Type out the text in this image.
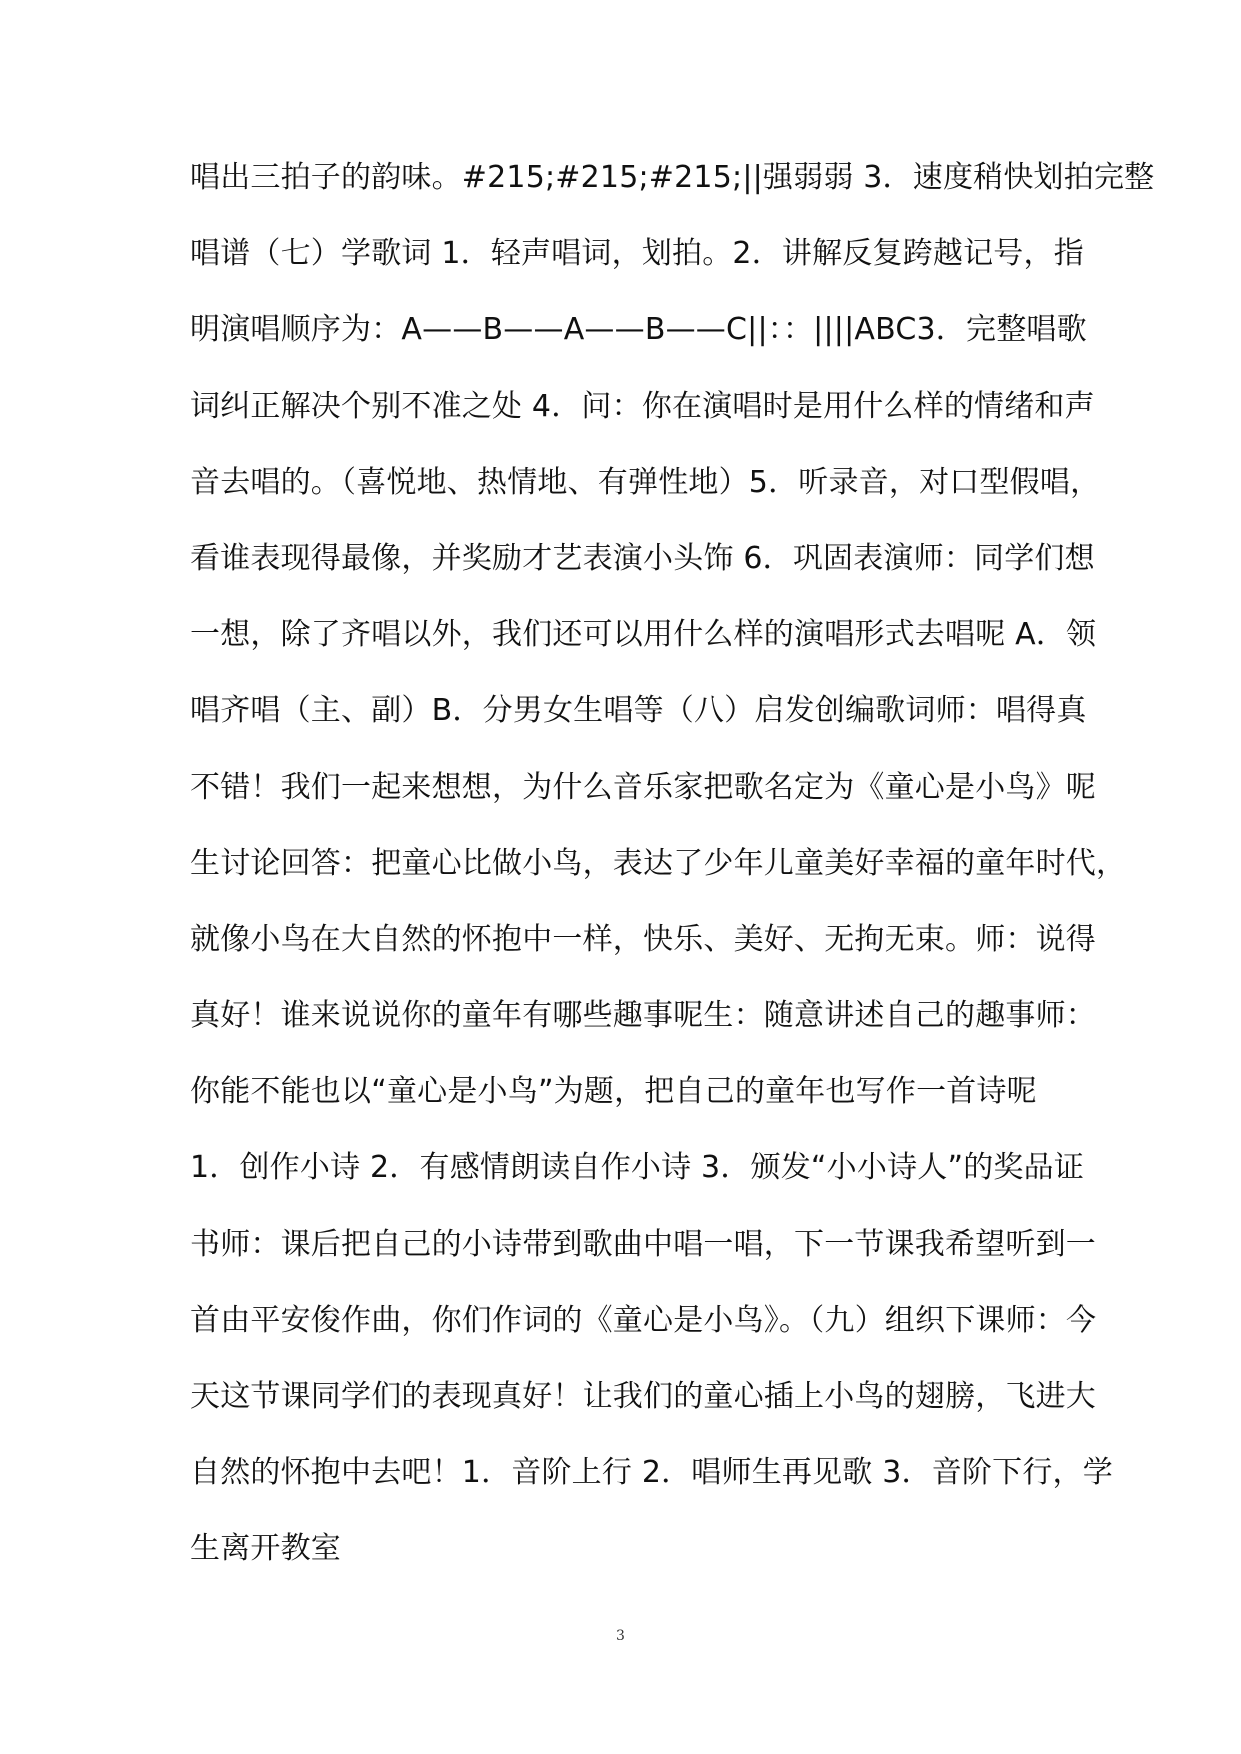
唱出三拍子的韵味。#215;#215;#215;||强弱弱 3．速度稍快划拍完整
唱谱（七）学歌词 1．轻声唱词，划拍。2．讲解反复跨越记号，指
明演唱顺序为：A——B——A——B——C||：：||||ABC3．完整唱歌
词纠正解决个别不准之处 4．问：你在演唱时是用什么样的情绪和声
音去唱的。（喜悦地、热情地、有弹性地）5．听录音，对口型假唱，
看谁表现得最像，并奖励才艺表演小头饰 6．巩固表演师：同学们想
一想，除了齐唱以外，我们还可以用什么样的演唱形式去唱呢 A．领
唱齐唱（主、副）B．分男女生唱等（八）启发创编歌词师：唱得真
不错！我们一起来想想，为什么音乐家把歌名定为《童心是小鸟》呢
生讨论回答：把童心比做小鸟，表达了少年儿童美好幸福的童年时代，
就像小鸟在大自然的怀抱中一样，快乐、美好、无拘无束。师：说得
真好！谁来说说你的童年有哪些趣事呢生：随意讲述自己的趣事师：
你能不能也以“童心是小鸟”为题，把自己的童年也写作一首诗呢
1．创作小诗 2．有感情朗读自作小诗 3．颁发“小小诗人”的奖品证
书师：课后把自己的小诗带到歌曲中唱一唱，下一节课我希望听到一
首由平安俊作曲，你们作词的《童心是小鸟》。（九）组织下课师：今
天这节课同学们的表现真好！让我们的童心插上小鸟的翅膀，飞进大
自然的怀抱中去吧！1．音阶上行 2．唱师生再见歌 3．音阶下行，学
生离开教室
3
